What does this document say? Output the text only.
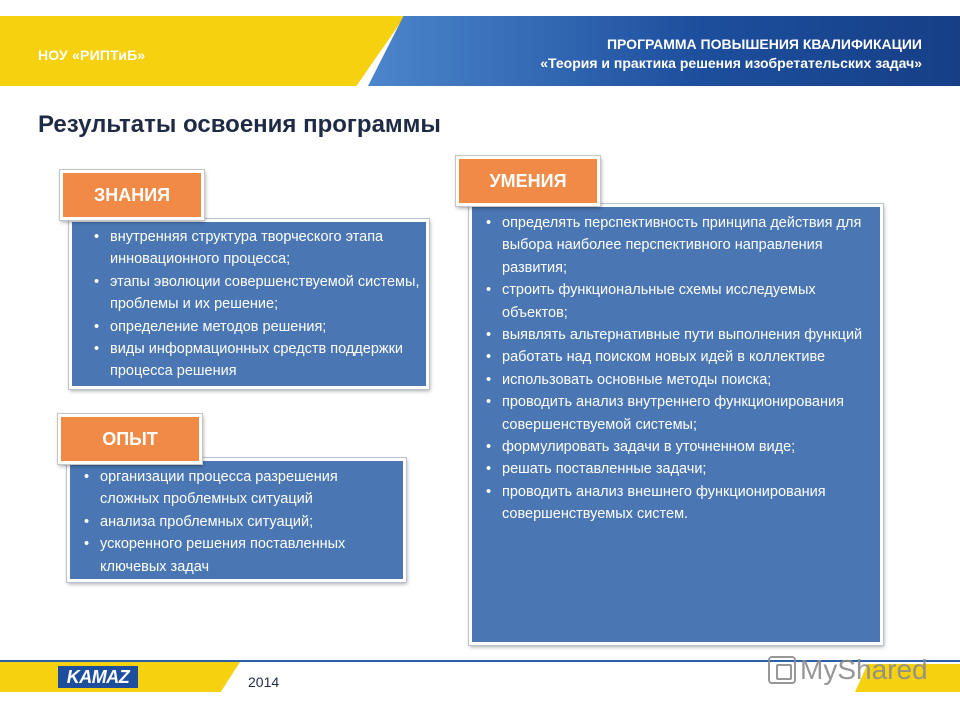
НОУ «РИПТиБ»
ПРОГРАММА ПОВЫШЕНИЯ КВАЛИФИКАЦИИ
«Теория и практика решения изобретательских задач»
Результаты освоения программы
• внутренняя структура творческого этапа инновационного процесса;
• этапы эволюции совершенствуемой системы, проблемы и их решение;
• определение методов решения;
• виды информационных средств поддержки процесса решения
ЗНАНИЯ
• организации процесса разрешения сложных проблемных ситуаций
• анализа проблемных ситуаций;
• ускоренного решения поставленных ключевых задач
ОПЫТ
• определять перспективность принципа действия для выбора наиболее перспективного направления развития;
• строить функциональные схемы исследуемых объектов;
• выявлять альтернативные пути выполнения функций
• работать над поиском новых идей в коллективе
• использовать основные методы поиска;
• проводить анализ внутреннего функционирования совершенствуемой системы;
• формулировать задачи в уточненном виде;
• решать поставленные задачи;
• проводить анализ внешнего функционирования совершенствуемых систем.
УМЕНИЯ
KAMAZ	2014	MyShared
